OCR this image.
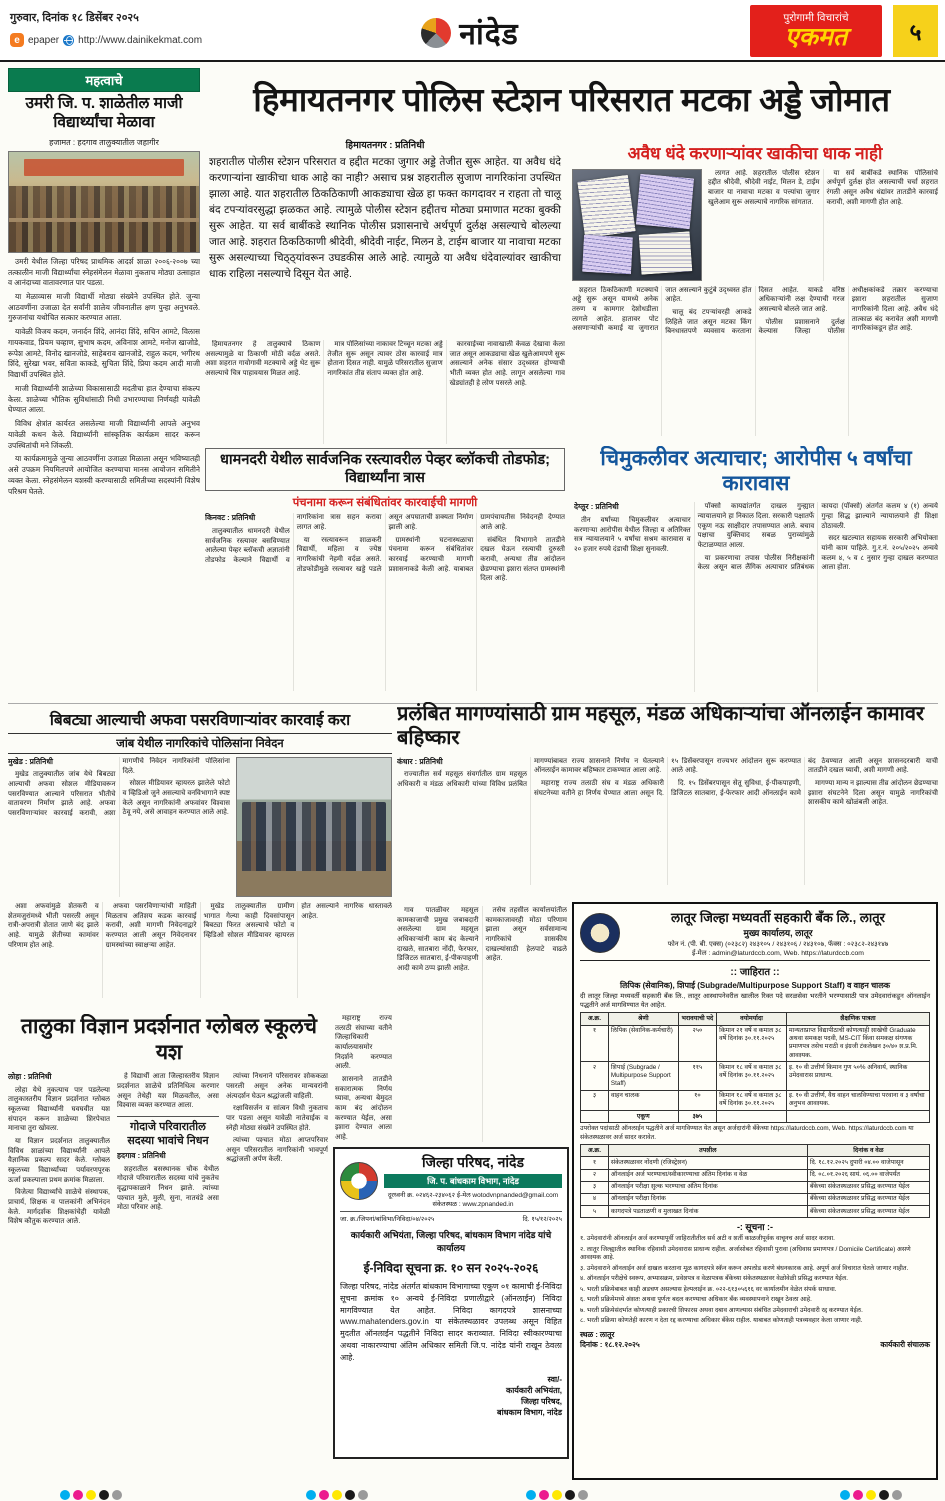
गुरुवार, दिनांक १८ डिसेंबर २०२५
e epaper http://www.dainikekmat.com	नांदेड
पुरोगामी विचारांचे
एकमत	५
महत्वाचे
उमरी जि. प. शाळेतील माजी विद्यार्थ्यांचा मेळावा
हजामत : हदगाव तालुक्यातील जहागीर

उमरी येथील जिल्हा परिषद प्राथमिक आदर्श शाळा २००६-२००७ च्या तत्कालीन माजी विद्यार्थ्यांचा स्नेहसंमेलन मेळावा नुकताच मोठ्या उत्साहात व आनंदाच्या वातावरणात पार पडला.

या मेळाव्यास माजी विद्यार्थी मोठ्या संख्येने उपस्थित होते. जुन्या आठवणींना उजाळा देत सर्वांनी शालेय जीवनातील क्षण पुन्हा अनुभवले. गुरुजनांचा यथोचित सत्कार करण्यात आला.

यावेळी विजय कदम, जनार्दन शिंदे, आनंदा शिंदे, सचिन आमटे, विलास गायकवाड, प्रियम चव्हाण, सुभाष कदम, अविनाश आमटे, मनोज खाजोडे, रूपेश आमटे, विनोद खानजोडे, साहेबराव खानजोडे, राहुल कदम, भगीरथ शिंदे, सुरेखा भवर, सविता काकडे, सुचिता शिंदे, प्रिया कदम आदी माजी विद्यार्थी उपस्थित होते.

माजी विद्यार्थ्यांनी शाळेच्या विकासासाठी मदतीचा हात देण्याचा संकल्प केला. शाळेच्या भौतिक सुविधांसाठी निधी उभारण्याचा निर्णयही यावेळी घेण्यात आला.

विविध क्षेत्रांत कार्यरत असलेल्या माजी विद्यार्थ्यांनी आपले अनुभव यावेळी कथन केले. विद्यार्थ्यांनी सांस्कृतिक कार्यक्रम सादर करून उपस्थितांची मने जिंकली.

या कार्यक्रमामुळे जुन्या आठवणींना उजाळा मिळाला असून भविष्यातही असे उपक्रम नियमितपणे आयोजित करण्याचा मानस आयोजन समितीने व्यक्त केला. स्नेहसंमेलन यशस्वी करण्यासाठी समितीच्या सदस्यांनी विशेष परिश्रम घेतले.

हिमायतनगर पोलिस स्टेशन परिसरात मटका अड्डे जोमात
हिमायतनगर : प्रतिनिधी
शहरातील पोलीस स्टेशन परिसरात व हद्दीत मटका जुगार अड्डे तेजीत सुरू आहेत. या अवैध धंदे करणाऱ्यांना खाकीचा धाक आहे का नाही? असाच प्रश्न शहरातील सुजाण नागरिकांना उपस्थित झाला आहे. यात शहरातील ठिकठिकाणी आकड्याचा खेळ हा फक्त कागदावर न राहता तो चालू बंद टपऱ्यांवरसुद्धा झळकत आहे. त्यामुळे पोलीस स्टेशन हद्दीतच मोठ्या प्रमाणात मटका बुक्की सुरू आहेत. या सर्व बाबींकडे स्थानिक पोलीस प्रशासनाचे अर्थपूर्ण दुर्लक्ष असल्याचे बोलल्या जात आहे. शहरात ठिकठिकाणी श्रीदेवी, श्रीदेवी नाईट, मिलन डे, टाईम बाजार या नावाचा मटका सुरू असल्याच्या चिठ्ठ्यांवरून उघडकीस आले आहे. त्यामुळे या अवैध धंदेवाल्यांवर खाकीचा धाक राहिला नसल्याचे दिसून येत आहे.

हिमायतनगर हे तालुक्याचे ठिकाण असल्यामुळे या ठिकाणी मोठी वर्दळ असते. अशा शहरात गावोगावी मटक्याचे अड्डे थेट सुरू असल्याचे चित्र पाहावयास मिळत आहे.

मात्र पोलिसांच्या नाकावर टिच्चून मटका अड्डे तेजीत सुरू असून त्यावर ठोस कारवाई मात्र होताना दिसत नाही. यामुळे परिसरातील सुजाण नागरिकांत तीव्र संताप व्यक्त होत आहे.

कारवाईच्या नावाखाली केवळ देखावा केला जात असून आकड्याचा खेळ खुलेआमपणे सुरू असल्याने अनेक संसार उद्ध्वस्त होण्याची भीती व्यक्त होत आहे. लागून असलेल्या गाव खेड्यांतही हे लोण पसरले आहे.

अवैध धंदे करणाऱ्यांवर खाकीचा धाक नाही

लागत आहे. शहरातील पोलीस स्टेशन हद्दीत श्रीदेवी, श्रीदेवी नाईट, मिलन डे, टाईम बाजार या नावाचा मटका व पत्त्यांचा जुगार खुलेआम सुरू असल्याचे नागरिक सांगतात.

या सर्व बाबींकडे स्थानिक पोलिसांचे अर्थपूर्ण दुर्लक्ष होत असल्याची चर्चा शहरात रंगली असून अवैध धंद्यांवर तातडीने कारवाई करावी, अशी मागणी होत आहे.

शहरात ठिकठिकाणी मटक्याचे अड्डे सुरू असून यामध्ये अनेक तरुण व कामगार देशोधडीला लागले आहेत. हातावर पोट असणाऱ्यांची कमाई या जुगारात जात असल्याने कुटुंबे उद्ध्वस्त होत आहेत.

चालू बंद टपऱ्यांवरही आकडे लिहिले जात असून मटका किंग बिनधास्तपणे व्यवसाय करताना दिसत आहेत. याकडे वरिष्ठ अधिकाऱ्यांनी लक्ष देण्याची गरज असल्याचे बोलले जात आहे.

पोलीस प्रशासनाने दुर्लक्ष केल्यास जिल्हा पोलीस अधीक्षकांकडे तक्रार करण्याचा इशारा शहरातील सुजाण नागरिकांनी दिला आहे. अवैध धंदे तात्काळ बंद करावेत अशी मागणी नागरिकांकडून होत आहे.

धामनदरी येथील सार्वजनिक रस्त्यावरील पेव्हर ब्लॉकची तोडफोड; विद्यार्थ्यांना त्रास
पंचनामा करून संबंधितांवर कारवाईची मागणी

किनवट : प्रतिनिधी

तालुक्यातील धामनदरी येथील सार्वजनिक रस्त्यावर बसविण्यात आलेल्या पेव्हर ब्लॉकची अज्ञातांनी तोडफोड केल्याने विद्यार्थी व नागरिकांना त्रास सहन करावा लागत आहे.

या रस्त्यावरून शाळकरी विद्यार्थी, महिला व ज्येष्ठ नागरिकांची नेहमी वर्दळ असते. तोडफोडीमुळे रस्त्यावर खड्डे पडले असून अपघाताची शक्यता निर्माण झाली आहे.

ग्रामस्थांनी घटनास्थळाचा पंचनामा करून संबंधितांवर कारवाई करण्याची मागणी प्रशासनाकडे केली आहे. याबाबत ग्रामपंचायतीस निवेदनही देण्यात आले आहे.

संबंधित विभागाने तातडीने दखल घेऊन रस्त्याची दुरुस्ती करावी, अन्यथा तीव्र आंदोलन छेडण्याचा इशारा संतप्त ग्रामस्थांनी दिला आहे.

चिमुकलीवर अत्याचार; आरोपीस ५ वर्षांचा कारावास

देग्लूर : प्रतिनिधी

तीन वर्षांच्या चिमुकलीवर अत्याचार करणाऱ्या आरोपीस येथील जिल्हा व अतिरिक्त सत्र न्यायालयाने ५ वर्षांचा सश्रम कारावास व २० हजार रुपये दंडाची शिक्षा सुनावली.

पॉक्सो कायद्यांतर्गत दाखल गुन्ह्यात न्यायालयाने हा निकाल दिला. सरकारी पक्षातर्फे एकूण नऊ साक्षीदार तपासण्यात आले. बचाव पक्षाचा युक्तिवाद सबळ पुराव्यांमुळे फेटाळण्यात आला.

या प्रकरणाचा तपास पोलीस निरीक्षकांनी केला असून बाल लैंगिक अत्याचार प्रतिबंधक कायदा (पॉक्सो) अंतर्गत कलम ४ (१) अन्वये गुन्हा सिद्ध झाल्याने न्यायालयाने ही शिक्षा ठोठावली.

सदर खटल्यात सहायक सरकारी अभियोक्ता यांनी काम पाहिले. गु.र.नं. २०५/२०२५ अन्वये कलम ४, ५ व ८ नुसार गुन्हा दाखल करण्यात आला होता.

बिबट्या आल्याची अफवा पसरविणाऱ्यांवर कारवाई करा
जांब येथील नागरिकांचे पोलिसांना निवेदन

मुखेड : प्रतिनिधी

मुखेड तालुक्यातील जांब येथे बिबट्या आल्याची अफवा सोशल मीडियावरून पसरविण्यात आल्याने परिसरात भीतीचे वातावरण निर्माण झाले आहे. अफवा पसरविणाऱ्यांवर कारवाई करावी, अशा मागणीचे निवेदन नागरिकांनी पोलिसांना दिले.

सोशल मीडियावर व्हायरल झालेले फोटो व व्हिडिओ जुने असल्याचे वनविभागाने स्पष्ट केले असून नागरिकांनी अफवांवर विश्वास ठेवू नये, असे आवाहन करण्यात आले आहे.

अशा अफवांमुळे शेतकरी व शेतमजुरांमध्ये भीती पसरली असून रात्री-अपरात्री शेतात जाणे बंद झाले आहे. यामुळे शेतीच्या कामांवर परिणाम होत आहे.

अफवा पसरविणाऱ्यांची माहिती मिळताच अतिशय कडक कारवाई करावी, अशी मागणी निवेदनाद्वारे करण्यात आली असून निवेदनावर ग्रामस्थांच्या स्वाक्षऱ्या आहेत.

मुखेड तालुक्यातील ग्रामीण भागात गेल्या काही दिवसांपासून बिबट्या फिरत असल्याचे फोटो व व्हिडिओ सोशल मीडियावर व्हायरल होत असल्याने नागरिक धास्तावले आहेत.

प्रलंबित मागण्यांसाठी ग्राम महसूल, मंडळ अधिकाऱ्यांचा ऑनलाईन कामावर बहिष्कार

कंधार : प्रतिनिधी

राज्यातील सर्व महसूल संवर्गातील ग्राम महसूल अधिकारी व मंडळ अधिकारी यांच्या विविध प्रलंबित मागण्यांबाबत राज्य शासनाने निर्णय न घेतल्याने ऑनलाईन कामावर बहिष्कार टाकण्यात आला आहे.

महाराष्ट्र राज्य तलाठी संघ व मंडळ अधिकारी संघटनेच्या वतीने हा निर्णय घेण्यात आला असून दि. १५ डिसेंबरपासून राज्यभर आंदोलन सुरू करण्यात आले आहे.

दि. १५ डिसेंबरपासून सेतू सुविधा, ई-पीकपाहणी, डिजिटल सातबारा, ई-फेरफार आदी ऑनलाईन कामे बंद ठेवण्यात आली असून शासनदरबारी याची तातडीने दखल घ्यावी, अशी मागणी आहे.

मागण्या मान्य न झाल्यास तीव्र आंदोलन छेडण्याचा इशारा संघटनेने दिला असून यामुळे नागरिकांची शासकीय कामे खोळंबली आहेत.

गाव पातळीवर महसूल कामकाजाची प्रमुख जबाबदारी असलेल्या ग्राम महसूल अधिकाऱ्यांनी काम बंद केल्याने दाखले, सातबारा नोंदी, फेरफार, डिजिटल सातबारा, ई-पीकपाहणी आदी कामे ठप्प झाली आहेत.

तसेच तहसील कार्यालयांतील कामकाजावरही मोठा परिणाम झाला असून सर्वसामान्य नागरिकांचे शासकीय दाखल्यांसाठी हेलपाटे वाढले आहेत.

महाराष्ट्र राज्य तलाठी संघाच्या वतीने जिल्हाधिकारी कार्यालयासमोर निदर्शने करण्यात आली.

शासनाने तातडीने सकारात्मक निर्णय घ्यावा, अन्यथा बेमुदत काम बंद आंदोलन करण्यात येईल, असा इशारा देण्यात आला आहे.

तालुका विज्ञान प्रदर्शनात ग्लोबल स्कूलचे यश

लोहा : प्रतिनिधी

लोहा येथे नुकत्याच पार पडलेल्या तालुकास्तरीय विज्ञान प्रदर्शनात ग्लोबल स्कूलच्या विद्यार्थ्यांनी घवघवीत यश संपादन करून शाळेच्या शिरपेचात मानाचा तुरा खोवला.

या विज्ञान प्रदर्शनात तालुक्यातील विविध शाळांच्या विद्यार्थ्यांनी आपले वैज्ञानिक प्रकल्प सादर केले. ग्लोबल स्कूलच्या विद्यार्थ्यांच्या पर्यावरणपूरक ऊर्जा प्रकल्पाला प्रथम क्रमांक मिळाला.

विजेत्या विद्यार्थ्यांचे शाळेचे संस्थापक, प्राचार्य, शिक्षक व पालकांनी अभिनंदन केले. मार्गदर्शक शिक्षकांचेही यावेळी विशेष कौतुक करण्यात आले.

हे विद्यार्थी आता जिल्हास्तरीय विज्ञान प्रदर्शनात शाळेचे प्रतिनिधित्व करणार असून तेथेही यश मिळवतील, असा विश्वास व्यक्त करण्यात आला.

गोदाजे परिवारातील सदस्या भावांचे निधन

हदगाव : प्रतिनिधी

शहरातील बसस्थानक चौक येथील गोदाजे परिवारातील सदस्या यांचे नुकतेच वृद्धापकाळाने निधन झाले. त्यांच्या पश्चात मुले, मुली, सुना, नातवंडे असा मोठा परिवार आहे.

त्यांच्या निधनाने परिसरावर शोककळा पसरली असून अनेक मान्यवरांनी अंत्यदर्शन घेऊन श्रद्धांजली वाहिली.

रक्षाविसर्जन व सांत्वन विधी नुकताच पार पडला असून यावेळी नातेवाईक व स्नेही मोठ्या संख्येने उपस्थित होते.

त्यांच्या पश्चात मोठा आप्तपरिवार असून परिसरातील नागरिकांनी भावपूर्ण श्रद्धांजली अर्पण केली.	जिल्हा परिषद, नांदेड
जि. प. बांधकाम विभाग, नांदेड
दूरध्वनी क्र. ०२४६२-२३४०६२ ई-मेल wotodvnpnanded@gmail.com
संकेतस्थळ : www.zpnanded.in
जा. क्र./जिपनां/बांविभा/निविदा/०४/२०२५	दि. १५/१२/२०२५
कार्यकारी अभियंता, जिल्हा परिषद, बांधकाम विभाग नांदेड यांचे कार्यालय
ई-निविदा सूचना क्र. १० सन २०२५-२०२६
जिल्हा परिषद, नांदेड अंतर्गत बांधकाम विभागाच्या एकूण ०१ कामाची ई-निविदा सूचना क्रमांक १० अन्वये ई-निविदा प्रणालीद्वारे (ऑनलाईन) निविदा मागविण्यात येत आहेत. निविदा कागदपत्रे शासनाच्या www.mahatenders.gov.in या संकेतस्थळावर उपलब्ध असून विहित मुदतीत ऑनलाईन पद्धतीने निविदा सादर कराव्यात. निविदा स्वीकारण्याचा अथवा नाकारण्याचा अंतिम अधिकार समिती जि.प. नांदेड यांनी राखून ठेवला आहे.
स्वा/-
कार्यकारी अभियंता,
जिल्हा परिषद,
बांधकाम विभाग, नांदेड
लातूर जिल्हा मध्यवर्ती सहकारी बँक लि., लातूर
मुख्य कार्यालय, लातूर
फोन नं. (पी. बी. एक्स) (०२३८२) २४३१०५ / २४३१०६ / २४३१०७, फॅक्स : ०२३८२-२४३१४७
ई-मेल : admin@laturdccb.com, Web. https://laturdccb.com
:: जाहिरात ::
लिपिक (सेवानिक), शिपाई (Subgrade/Multipurpose Support Staff) व वाहन चालक
दी लातूर जिल्हा मध्यवर्ती सहकारी बँक लि., लातूर आस्थापनेवरील खालील रिक्त पदे सरळसेवा भरतीने भरण्यासाठी पात्र उमेदवारांकडून ऑनलाईन पद्धतीने अर्ज मागविण्यात येत आहेत.
अ.क्र.	श्रेणी	भरावयाची पदे	वयोमर्यादा	शैक्षणिक पात्रता
१	लिपिक (सेवानिक-कर्मचारी)	२५०	किमान २१ वर्षे व कमाल ३८ वर्षे दिनांक ३०.११.२०२५	मान्यताप्राप्त विद्यापीठाची कोणत्याही शाखेची Graduate अथवा समकक्ष पदवी, MS-CIT किंवा समकक्ष संगणक प्रमाणपत्र तसेच मराठी व इंग्रजी टंकलेखन ३०/४० श.प्र.मि. आवश्यक.
२	शिपाई (Subgrade / Multipurpose Support Staff)	११५	किमान १८ वर्षे व कमाल ३८ वर्षे दिनांक ३०.११.२०२५	इ. १० वी उत्तीर्ण किमान गुण ५०% अनिवार्य, स्थानिक उमेदवारास प्राधान्य.
३	वाहन चालक	१०	किमान १८ वर्षे व कमाल ३८ वर्षे दिनांक ३०.११.२०२५	इ. १० वी उत्तीर्ण, वैध वाहन चालविण्याचा परवाना व ३ वर्षांचा अनुभव आवश्यक.
	एकूण	३७५		
उपरोक्त पदांसाठी ऑनलाईन पद्धतीने अर्ज मागविण्यात येत असून अर्जदारांनी बँकेच्या https://laturdccb.com, Web. https://laturdccb.com या संकेतस्थळावर अर्ज सादर करावेत.
अ.क्र.	तपशील	दिनांक व वेळ
१	संकेतस्थळावर नोंदणी (रजिस्ट्रेशन)	दि. १८.१२.२०२५ दुपारी ०४.०० वाजेपासून
२	ऑनलाईन अर्ज भरण्याचा/स्वीकारण्याचा अंतिम दिनांक व वेळ	दि. ०८.०१.२०२६ सायं. ०६.०० वाजेपर्यंत
३	ऑनलाईन परीक्षा शुल्क भरण्याचा अंतिम दिनांक	बँकेच्या संकेतस्थळावर प्रसिद्ध करण्यात येईल
४	ऑनलाईन परीक्षा दिनांक	बँकेच्या संकेतस्थळावर प्रसिद्ध करण्यात येईल
५	कागदपत्रे पडताळणी व मुलाखत दिनांक	बँकेच्या संकेतस्थळावर प्रसिद्ध करण्यात येईल
-: सूचना :-
१. उमेदवारांनी ऑनलाईन अर्ज करण्यापूर्वी जाहिरातीतील सर्व अटी व शर्ती काळजीपूर्वक वाचूनच अर्ज सादर करावा.
२. लातूर जिल्ह्यातील स्थानिक रहिवासी उमेदवारास प्राधान्य राहील. अर्जासोबत रहिवासी पुरावा (अधिवास प्रमाणपत्र / Domicile Certificate) असणे आवश्यक आहे.
३. उमेदवाराने ऑनलाईन अर्ज दाखल करताना मूळ कागदपत्रे स्कॅन करून अपलोड करणे बंधनकारक आहे. अपूर्ण अर्ज विचारात घेतले जाणार नाहीत.
४. ऑनलाईन परीक्षेचे स्वरूप, अभ्यासक्रम, प्रवेशपत्र व वेळापत्रक बँकेच्या संकेतस्थळावर वेळोवेळी प्रसिद्ध करण्यात येईल.
५. भरती प्रक्रियेबाबत काही अडचण असल्यास हेल्पलाईन क्र. ०२२-६१३०५६१६ वर कार्यालयीन वेळेत संपर्क साधावा.
६. भरती प्रक्रियेमध्ये अंशतः अथवा पूर्णतः बदल करण्याचा अधिकार बँक व्यवस्थापनाने राखून ठेवला आहे.
७. भरती प्रक्रियेसंदर्भात कोणत्याही प्रकारची शिफारस अथवा दबाव आणल्यास संबंधित उमेदवाराची उमेदवारी रद्द करण्यात येईल.
८. भरती प्रक्रिया कोणतेही कारण न देता रद्द करण्याचा अधिकार बँकेस राहील. याबाबत कोणताही पत्रव्यवहार केला जाणार नाही.
स्थळ : लातूर
दिनांक : १८.१२.२०२५	कार्यकारी संचालक
